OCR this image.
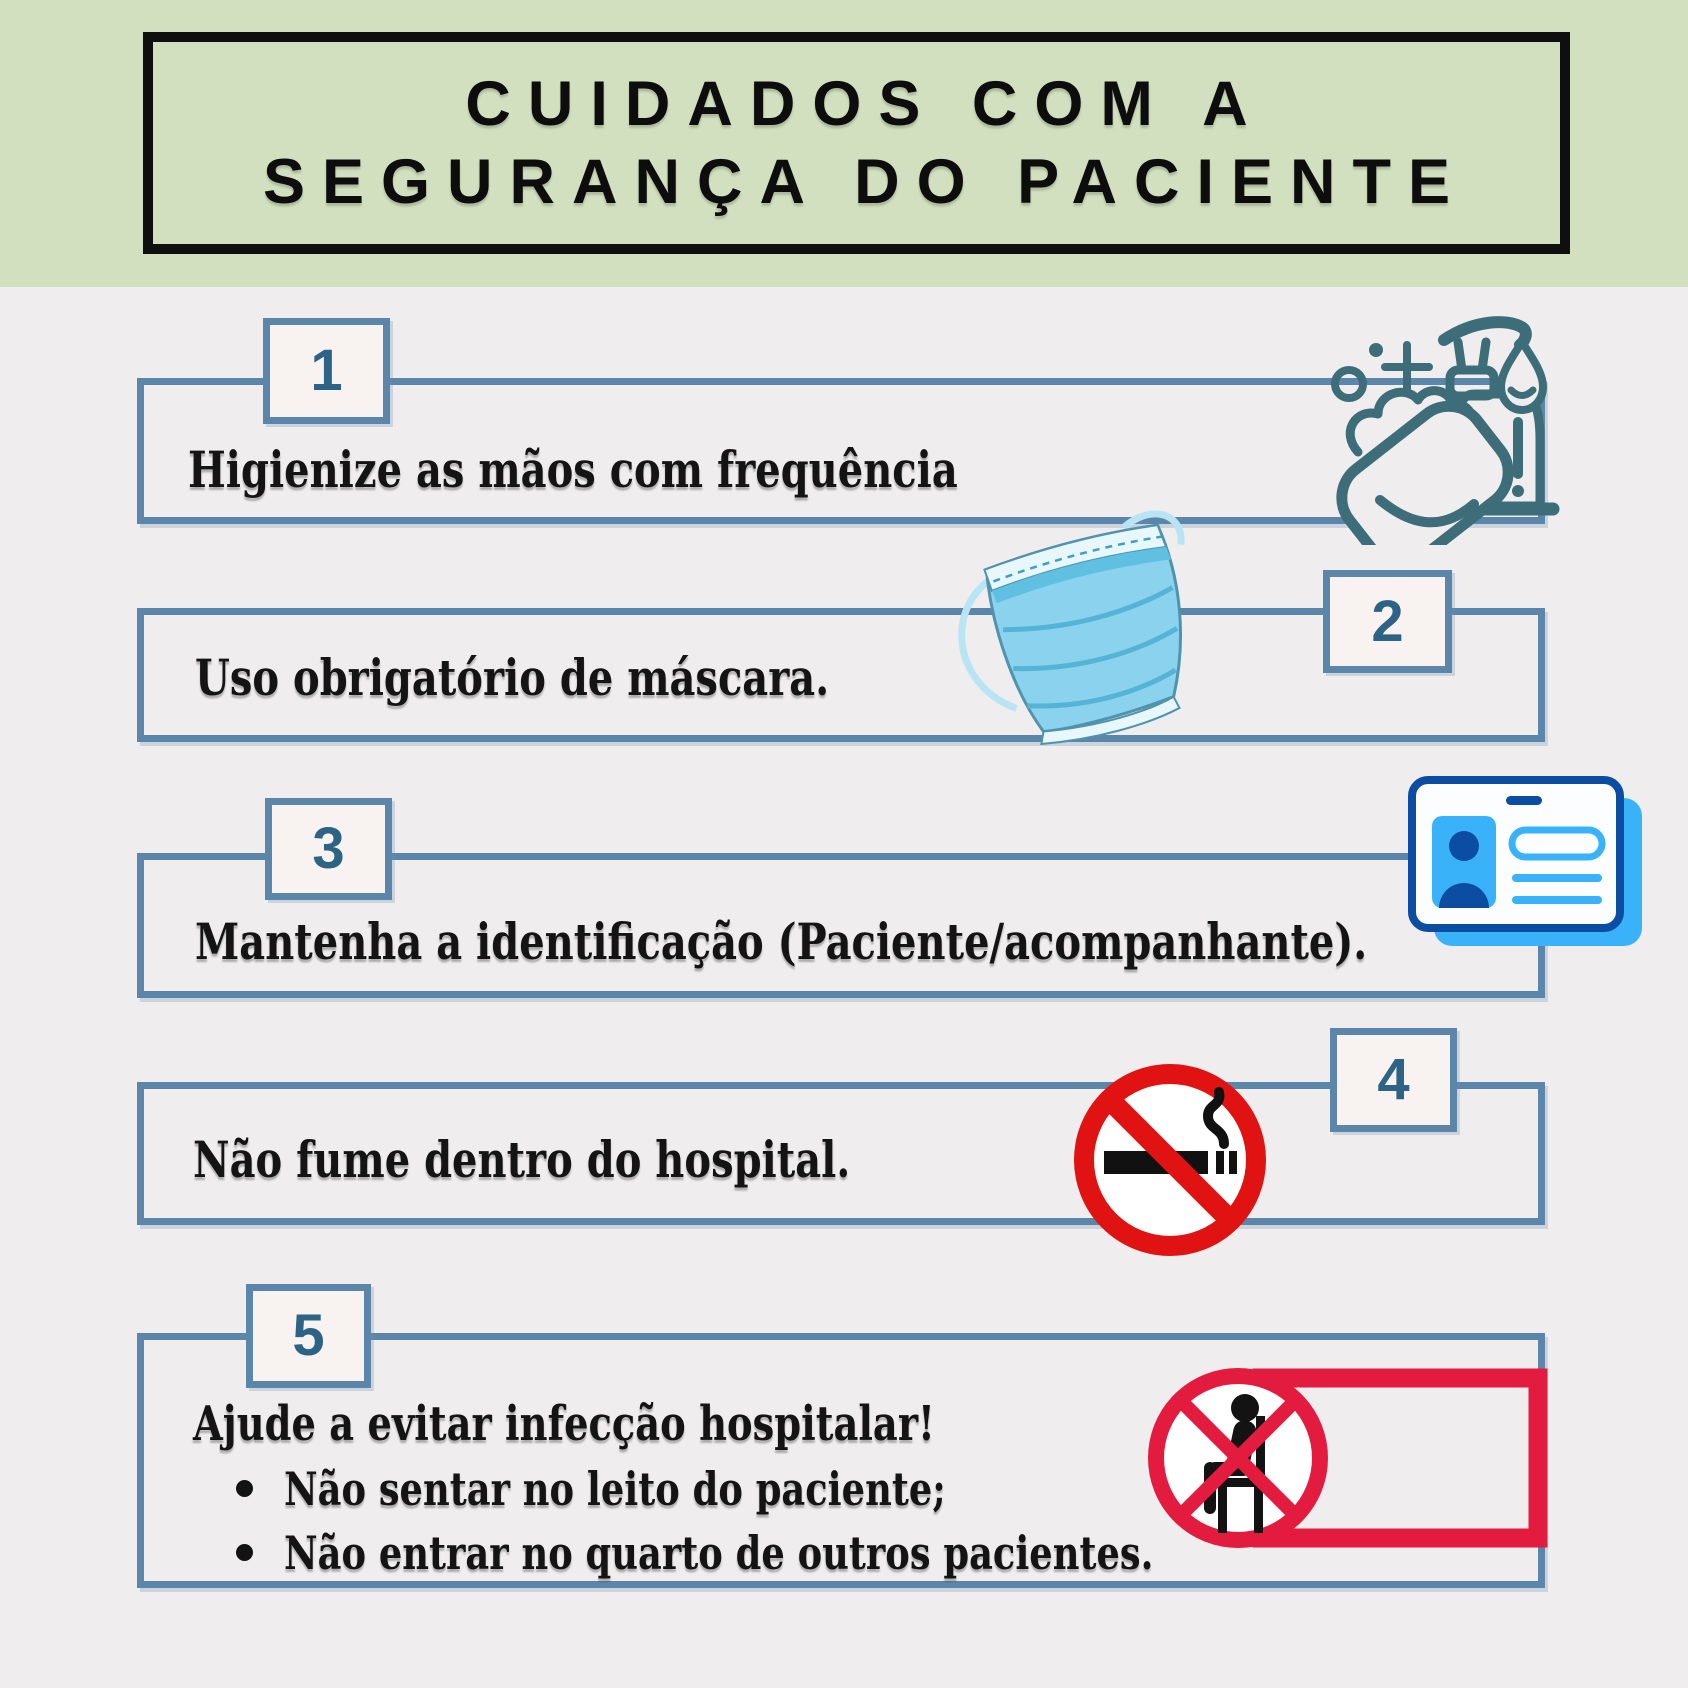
CUIDADOS COM A
SEGURANÇA DO PACIENTE
1
Higienize as mãos com frequência
2
Uso obrigatório de máscara.
3
Mantenha a identificação (Paciente/acompanhante).
4
Não fume dentro do hospital.
5
Ajude a evitar infecção hospitalar!
Não sentar no leito do paciente;
Não entrar no quarto de outros pacientes.
